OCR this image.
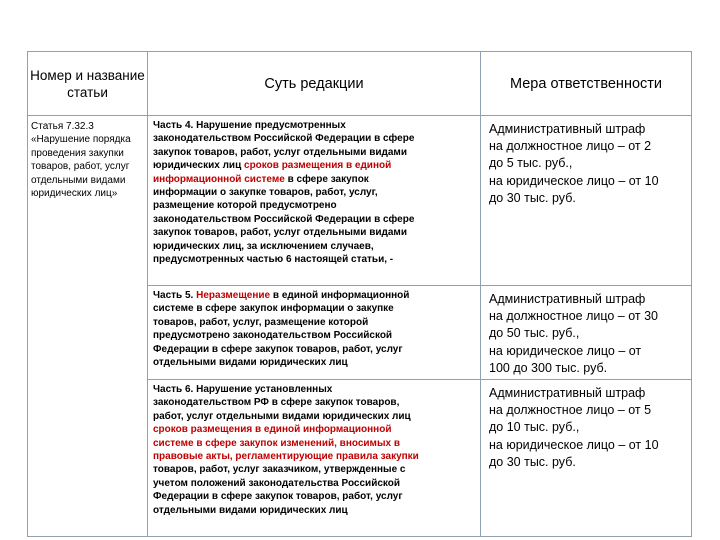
Номер и название статьи
Суть редакции	Мера ответственности
Статья 7.32.3 «Нарушение порядка проведения закупки товаров, работ, услуг отдельными видами юридических лиц»
Часть 4. Нарушение предусмотренных
законодательством Российской Федерации в сфере
закупок товаров, работ, услуг отдельными видами
юридических лиц сроков размещения в единой
информационной системе в сфере закупок
информации о закупке товаров, работ, услуг,
размещение которой предусмотрено
законодательством Российской Федерации в сфере
закупок товаров, работ, услуг отдельными видами
юридических лиц, за исключением случаев,
предусмотренных частью 6 настоящей статьи, -
Административный штраф
на должностное лицо – от 2
до 5 тыс. руб.,
на юридическое лицо – от 10
до 30 тыс. руб.
Часть 5. Неразмещение в единой информационной
системе в сфере закупок информации о закупке
товаров, работ, услуг, размещение которой
предусмотрено законодательством Российской
Федерации в сфере закупок товаров, работ, услуг
отдельными видами юридических лиц
Административный штраф
на должностное лицо – от 30
до 50 тыс. руб.,
на юридическое лицо – от
100 до 300 тыс. руб.
Часть 6. Нарушение установленных
законодательством РФ в сфере закупок товаров,
работ, услуг отдельными видами юридических лиц
сроков размещения в единой информационной
системе в сфере закупок изменений, вносимых в
правовые акты, регламентирующие правила закупки
товаров, работ, услуг заказчиком, утвержденные с
учетом положений законодательства Российской
Федерации в сфере закупок товаров, работ, услуг
отдельными видами юридических лиц
Административный штраф
на должностное лицо – от 5
до 10 тыс. руб.,
на юридическое лицо – от 10
до 30 тыс. руб.
